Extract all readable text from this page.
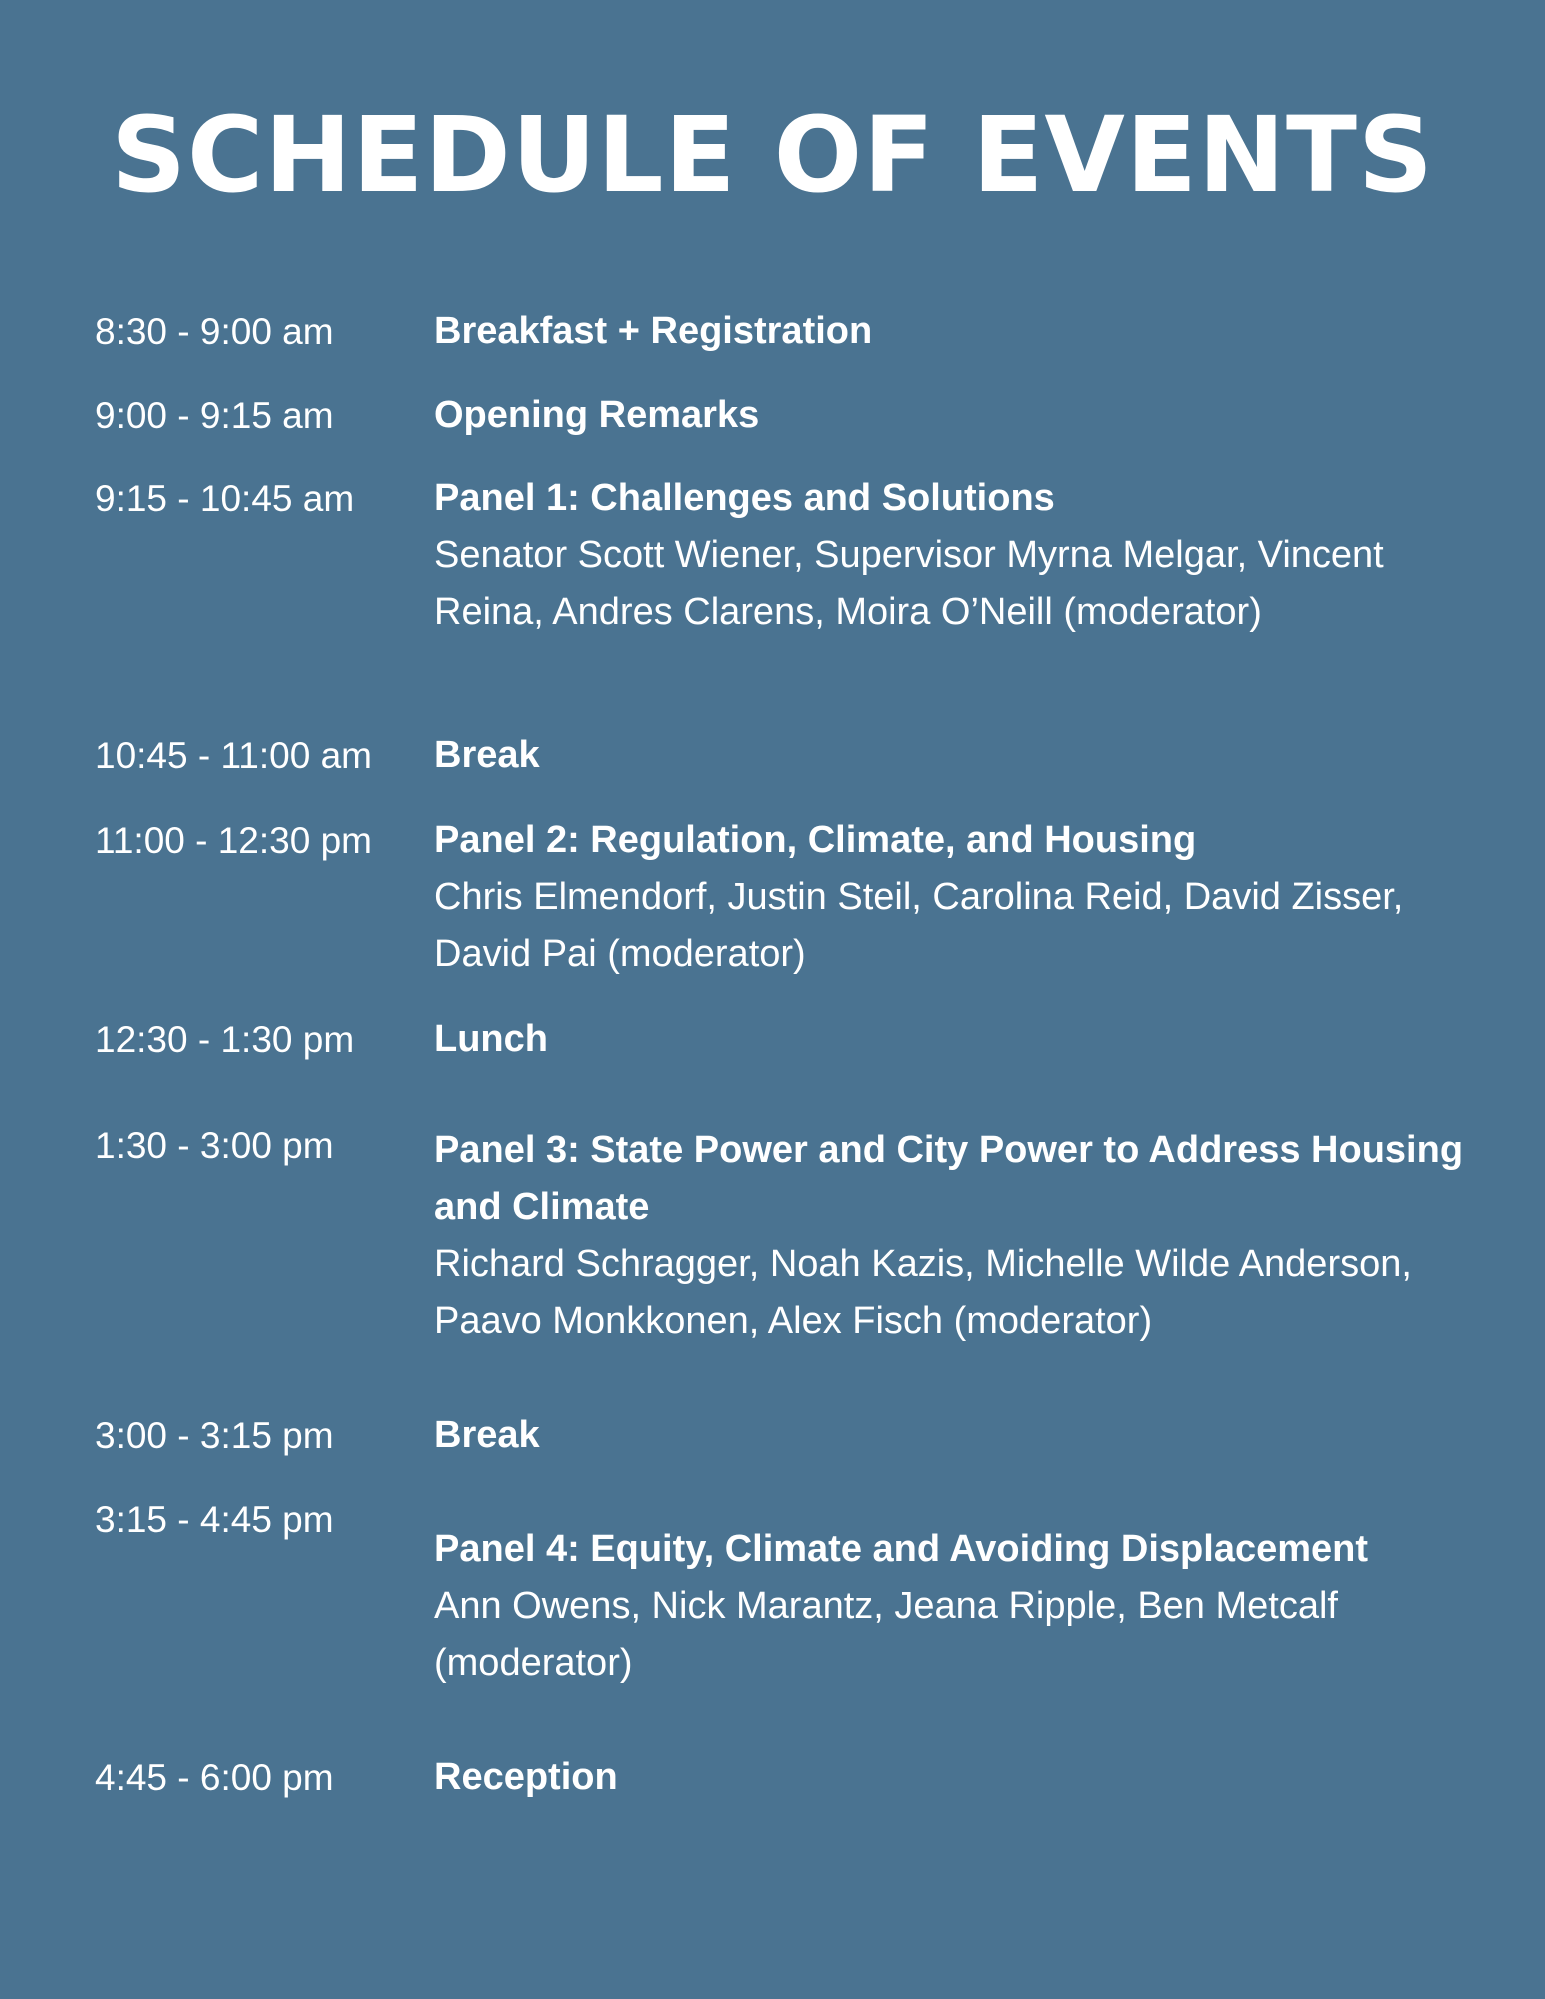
SCHEDULE OF EVENTS
8:30 - 9:00 am	Breakfast + Registration
9:00 - 9:15 am	Opening Remarks
9:15 - 10:45 am Panel 1: Challenges and Solutions
Senator Scott Wiener, Supervisor Myrna Melgar, Vincent Reina, Andres Clarens, Moira O’Neill (moderator)
10:45 - 11:00 am Break
11:00 - 12:30 pm Panel 2: Regulation, Climate, and Housing
Chris Elmendorf, Justin Steil, Carolina Reid, David Zisser, David Pai (moderator)
12:30 - 1:30 pm Lunch
1:30 - 3:00 pm	Panel 3: State Power and City Power to Address Housing and Climate
Richard Schragger, Noah Kazis, Michelle Wilde Anderson, Paavo Monkkonen, Alex Fisch (moderator)
3:00 - 3:15 pm	Break
3:15 - 4:45 pm
Panel 4: Equity, Climate and Avoiding Displacement
Ann Owens, Nick Marantz, Jeana Ripple, Ben Metcalf (moderator)
4:45 - 6:00 pm	Reception
